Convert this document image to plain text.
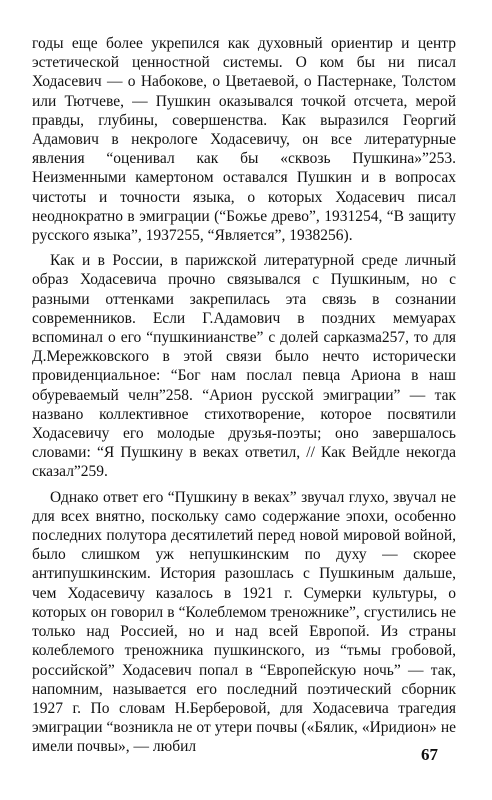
годы еще более укрепился как духовный ориентир и центр эстетической ценностной системы. О ком бы ни писал Ходасевич — о Набокове, о Цветаевой, о Пастернаке, Толстом или Тютчеве, — Пушкин оказывался точкой отсчета, мерой правды, глубины, совершенства. Как выразился Георгий Адамович в некрологе Ходасевичу, он все литературные явления “оценивал как бы «сквозь Пушкина»”253. Неизменными камертоном оставался Пушкин и в вопросах чистоты и точности языка, о которых Ходасевич писал неоднократно в эмиграции (“Божье древо”, 1931254, “В защиту русского языка”, 1937255, “Является”, 1938256).

Как и в России, в парижской литературной среде личный образ Ходасевича прочно связывался с Пушкиным, но с разными оттенками закрепилась эта связь в сознании современников. Если Г.Адамович в поздних мемуарах вспоминал о его “пушкинианстве” с долей сарказма257, то для Д.Мережковского в этой связи было нечто исторически провиденциальное: “Бог нам послал певца Ариона в наш обуреваемый челн”258. “Арион русской эмиграции” — так названо коллективное стихотворение, которое посвятили Ходасевичу его молодые друзья-поэты; оно завершалось словами: “Я Пушкину в веках ответил, // Как Вейдле некогда сказал”259.

Однако ответ его “Пушкину в веках” звучал глухо, звучал не для всех внятно, поскольку само содержание эпохи, особенно последних полутора десятилетий перед новой мировой войной, было слишком уж непушкинским по духу — скорее антипушкинским. История разошлась с Пушкиным дальше, чем Ходасевичу казалось в 1921 г. Сумерки культуры, о которых он говорил в “Колеблемом треножнике”, сгустились не только над Россией, но и над всей Европой. Из страны колеблемого треножника пушкинского, из “тьмы гробовой, российской” Ходасевич попал в “Европейскую ночь” — так, напомним, называется его последний поэтический сборник 1927 г. По словам Н.Берберовой, для Ходасевича трагедия эмиграции “возникла не от утери почвы («Бялик, «Иридион» не имели почвы», — любил	67
